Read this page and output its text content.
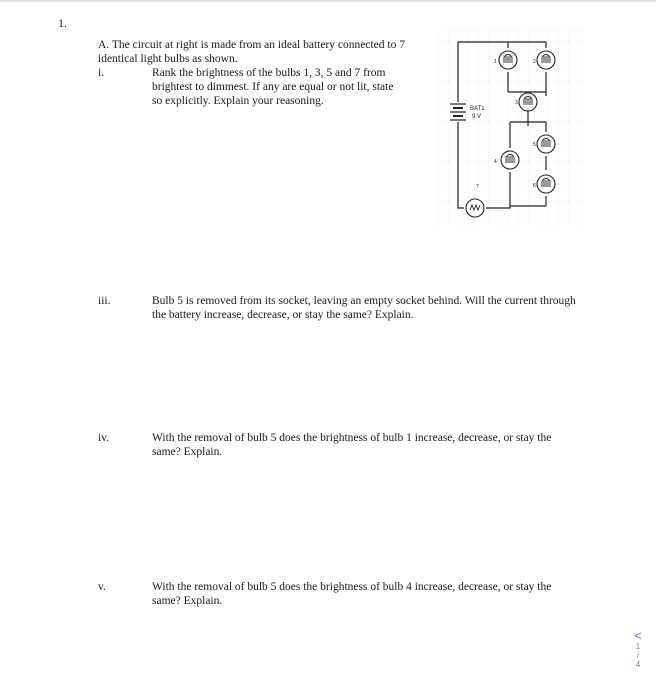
1.
A. The circuit at right is made from an ideal battery connected to 7 identical light bulbs as shown.
i.	Rank the brightness of the bulbs 1, 3, 5 and 7 from brightest to dimmest. If any are equal or not lit, state so explicitly. Explain your reasoning.
iii.	Bulb 5 is removed from its socket, leaving an empty socket behind. Will the current through the battery increase, decrease, or stay the same? Explain.
iv.	With the removal of bulb 5 does the brightness of bulb 1 increase, decrease, or stay the same? Explain.
v.	With the removal of bulb 5 does the brightness of bulb 4 increase, decrease, or stay the same? Explain.
BAT1
9 V
1	2
3
4
5
6
7
<
1
/
4
